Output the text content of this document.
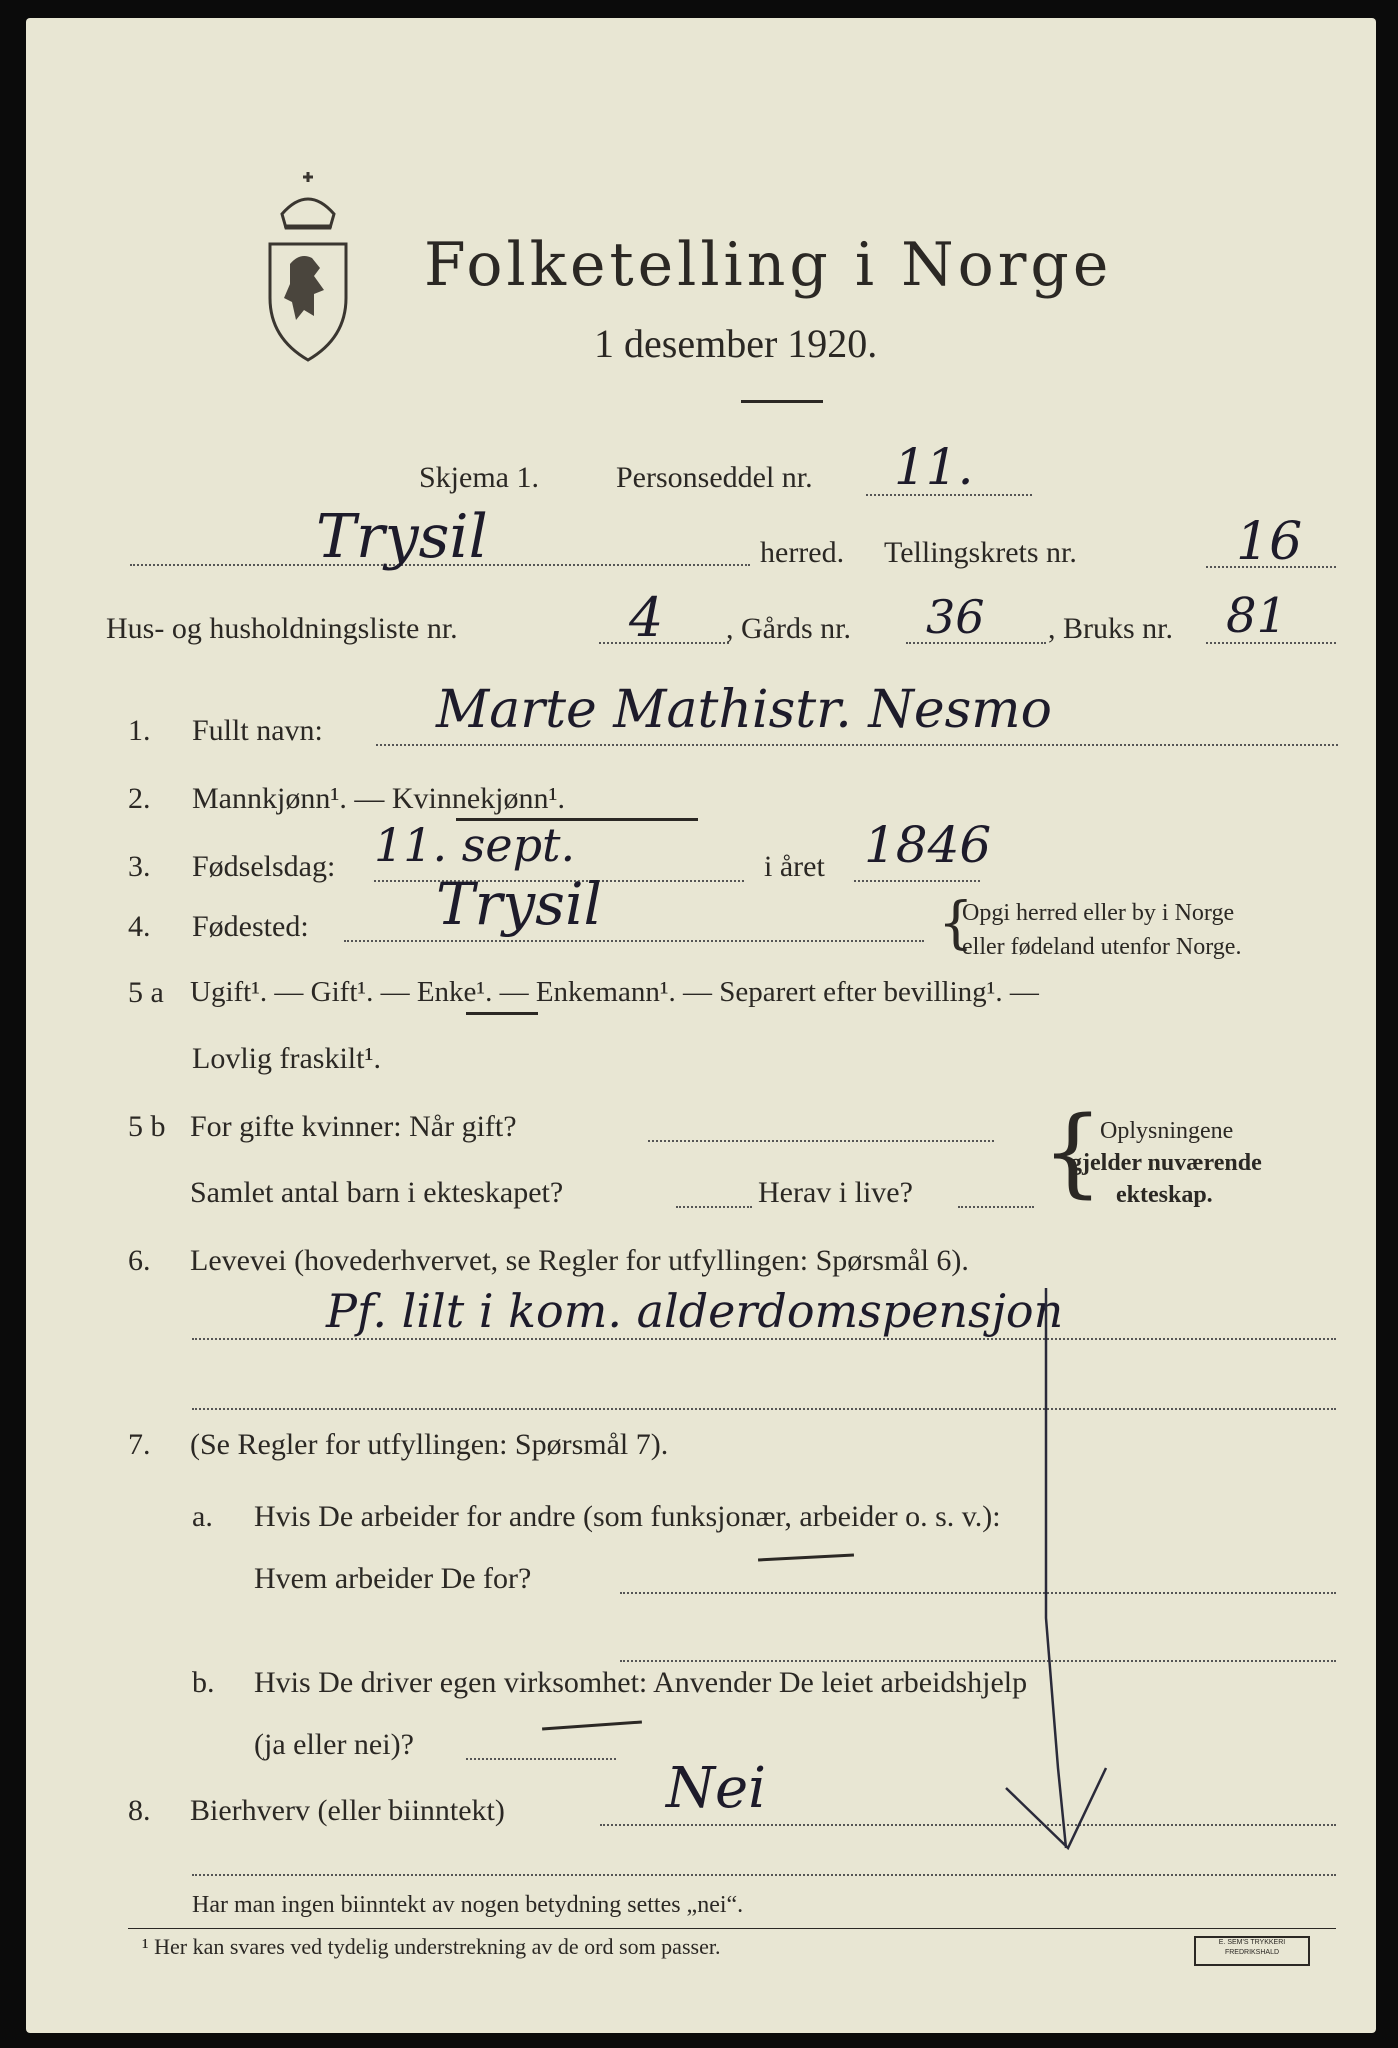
Folketelling i Norge
1 desember 1920.
Skjema 1.	Personseddel nr. 11.
Trysil	herred. Tellingskrets nr.	16
Hus- og husholdningsliste nr.	4 , Gårds nr. 36 , Bruks nr. 81
1. Fullt navn: Marte Mathistr. Nesmo
2. Mannkjønn¹. — Kvinnekjønn¹.
3. Fødselsdag: 11. sept.	i året 1846
4. Fødested: Trysil	{
Opgi herred eller by i Norge
eller fødeland utenfor Norge.
5 a Ugift¹. — Gift¹. — Enke¹. — Enkemann¹. — Separert efter bevilling¹. —
Lovlig fraskilt¹.
5 b For gifte kvinner: Når gift?
Samlet antal barn i ekteskapet?	Herav i live? {
Oplysningene
gjelder nuværende
ekteskap.
6. Levevei (hovederhvervet, se Regler for utfyllingen: Spørsmål 6).
Pf. lilt i kom. alderdomspensjon
7. (Se Regler for utfyllingen: Spørsmål 7).
a. Hvis De arbeider for andre (som funksjonær, arbeider o. s. v.):
Hvem arbeider De for?
b. Hvis De driver egen virksomhet: Anvender De leiet arbeidshjelp
(ja eller nei)?
8. Bierhverv (eller biinntekt)	Nei
Har man ingen biinntekt av nogen betydning settes „nei“.
¹ Her kan svares ved tydelig understrekning av de ord som passer.	E. SEM'S TRYKKERI FREDRIKSHALD
